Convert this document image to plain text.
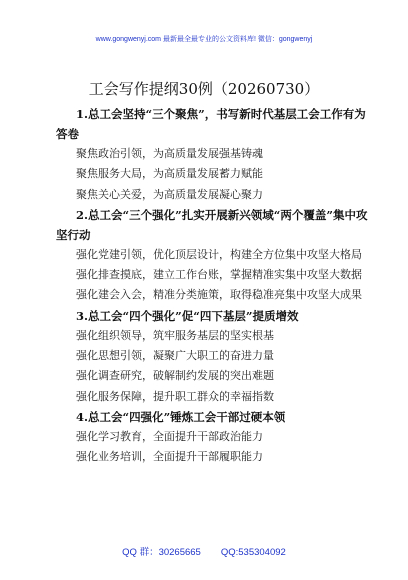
www.gongwenyj.com 最新最全最专业的公文资料库! 微信：gongwenyj
工会写作提纲30例（20260730）

1.总工会坚持“三个聚焦”，书写新时代基层工会工作有为答卷

聚焦政治引领，为高质量发展强基铸魂

聚焦服务大局，为高质量发展蓄力赋能

聚焦关心关爱，为高质量发展凝心聚力

2.总工会“三个强化”扎实开展新兴领域“两个覆盖”集中攻坚行动

强化党建引领，优化顶层设计，构建全方位集中攻坚大格局

强化排查摸底，建立工作台账，掌握精准实集中攻坚大数据

强化建会入会，精准分类施策，取得稳准亮集中攻坚大成果

3.总工会“四个强化”促“四下基层”提质增效

强化组织领导，筑牢服务基层的坚实根基

强化思想引领，凝聚广大职工的奋进力量

强化调查研究，破解制约发展的突出难题

强化服务保障，提升职工群众的幸福指数

4.总工会“四强化”锤炼工会干部过硬本领

强化学习教育，全面提升干部政治能力

强化业务培训，全面提升干部履职能力

QQ 群：30265665 QQ:535304092
